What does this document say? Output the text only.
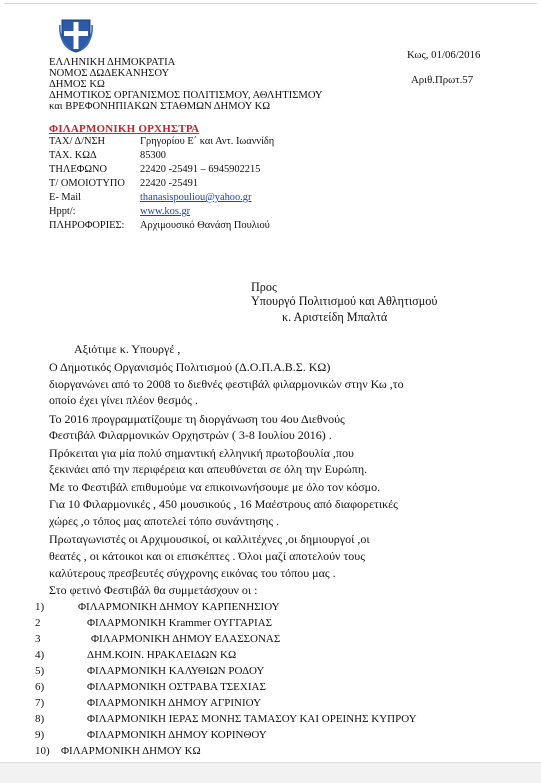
ΕΛΛΗΝΙΚΗ ΔΗΜΟΚΡΑΤΙΑ
ΝΟΜΟΣ ΔΩΔΕΚΑΝΗΣΟΥ
ΔΗΜΟΣ ΚΩ
ΔΗΜΟΤΙΚΟΣ ΟΡΓΑΝΙΣΜΟΣ ΠΟΛΙΤΙΣΜΟΥ, ΑΘΛΗΤΙΣΜΟΥ
και ΒΡΕΦΟΝΗΠΙΑΚΩΝ ΣΤΑΘΜΩΝ ΔΗΜΟΥ ΚΩ
ΦΙΛΑΡΜΟΝΙΚΗ ΟΡΧΗΣΤΡΑ
ΤΑΧ/ Δ/ΝΣΗ	Γρηγορίου Ε΄ και Αντ. Ιωαννίδη
ΤΑΧ. ΚΩΔ	85300
ΤΗΛΕΦΩΝΟ	22420 -25491 – 6945902215
Τ/ ΟΜΟΙΟΤΥΠΟ 22420 -25491
E- Mail	thanasispouliou@yahoo.gr
Hppt/:	www.kos.gr
ΠΛΗΡΟΦΟΡΙΕΣ: Αρχιμουσικό Θανάση Πουλιού
Κως, 01/06/2016
Αριθ.Πρωτ.57
Προς
Υπουργό Πολιτισμού και Αθλητισμού
κ. Αριστείδη Μπαλτά
Αξιότιμε κ. Υπουργέ ,
Ο Δημοτικός Οργανισμός Πολιτισμού (Δ.Ο.Π.Α.Β.Σ. ΚΩ)
διοργανώνει από το 2008 το διεθνές φεστιβάλ φιλαρμονικών στην Κω ,το
οποίο έχει γίνει πλέον θεσμός .
Το 2016 προγραμματίζουμε τη διοργάνωση του 4ου Διεθνούς
Φεστιβάλ Φιλαρμονικών Ορχηστρών ( 3-8 Ιουλίου 2016) .
Πρόκειται για μία πολύ σημαντική ελληνική πρωτοβουλία ,που
ξεκινάει από την περιφέρεια και απευθύνεται σε όλη την Ευρώπη.
Με το Φεστιβάλ επιθυμούμε να επικοινωνήσουμε με όλο τον κόσμο.
Για 10 Φιλαρμονικές , 450 μουσικούς , 16 Μαέστρους από διαφορετικές
χώρες ,ο τόπος μας αποτελεί τόπο συνάντησης .
Πρωταγωνιστές οι Αρχιμουσικοί, οι καλλιτέχνες ,οι δημιουργοί ,οι
θεατές , οι κάτοικοι και οι επισκέπτες . Όλοι μαζί αποτελούν τους
καλύτερους πρεσβευτές σύγχρονης εικόνας του τόπου μας .
Στο φετινό Φεστιβάλ θα συμμετάσχουν οι :
1)	ΦΙΛΑΡΜΟΝΙΚΗ ΔΗΜΟΥ ΚΑΡΠΕΝΗΣΙΟΥ
2	ΦΙΛΑΡΜΟΝΙΚΗ Krammer ΟΥΓΓΑΡΙΑΣ
3	ΦΙΛΑΡΜΟΝΙΚΗ ΔΗΜΟΥ ΕΛΑΣΣΟΝΑΣ
4)	ΔΗΜ.ΚΟΙΝ. ΗΡΑΚΛΕΙΔΩΝ ΚΩ
5)	ΦΙΛΑΡΜΟΝΙΚΗ ΚΑΛΥΘΙΩΝ ΡΟΔΟΥ
6)	ΦΙΛΑΡΜΟΝΙΚΗ ΟΣΤΡΑΒΑ ΤΣΕΧΙΑΣ
7)	ΦΙΛΑΡΜΟΝΙΚΗ ΔΗΜΟΥ ΑΓΡΙΝΙΟΥ
8)	ΦΙΛΑΡΜΟΝΙΚΗ ΙΕΡΑΣ ΜΟΝΗΣ ΤΑΜΑΣΟΥ ΚΑΙ ΟΡΕΙΝΗΣ ΚΥΠΡΟΥ
9)	ΦΙΛΑΡΜΟΝΙΚΗ ΔΗΜΟΥ ΚΟΡΙΝΘΟΥ
10) ΦΙΛΑΡΜΟΝΙΚΗ ΔΗΜΟΥ ΚΩ
